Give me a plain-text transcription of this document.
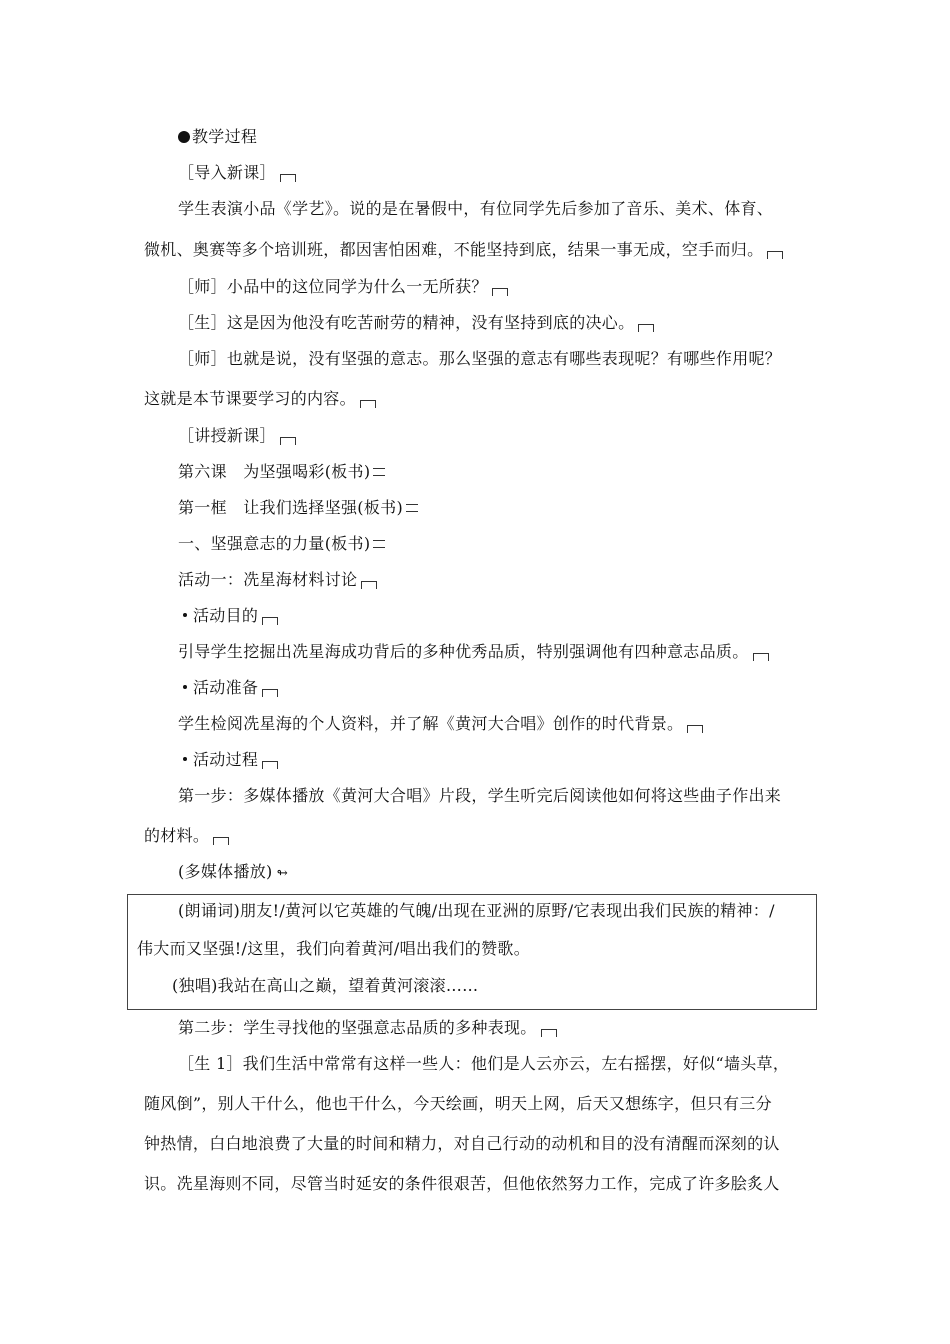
教学过程
［导入新课］
学生表演小品《学艺》。说的是在暑假中，有位同学先后参加了音乐、美术、体育、
微机、奥赛等多个培训班，都因害怕困难，不能坚持到底，结果一事无成，空手而归。
［师］小品中的这位同学为什么一无所获？
［生］这是因为他没有吃苦耐劳的精神，没有坚持到底的决心。
［师］也就是说，没有坚强的意志。那么坚强的意志有哪些表现呢？有哪些作用呢？
这就是本节课要学习的内容。
［讲授新课］
第六课　为坚强喝彩(板书)
第一框　让我们选择坚强(板书)
一、坚强意志的力量(板书)
活动一：冼星海材料讨论
活动目的
引导学生挖掘出冼星海成功背后的多种优秀品质，特别强调他有四种意志品质。
活动准备
学生检阅冼星海的个人资料，并了解《黄河大合唱》创作的时代背景。
活动过程
第一步：多媒体播放《黄河大合唱》片段，学生听完后阅读他如何将这些曲子作出来
的材料。
(多媒体播放) ↬
(朗诵词)朋友!/黄河以它英雄的气魄/出现在亚洲的原野/它表现出我们民族的精神：/
伟大而又坚强!/这里，我们向着黄河/唱出我们的赞歌。
(独唱)我站在高山之巅，望着黄河滚滚……
第二步：学生寻找他的坚强意志品质的多种表现。
［生 1］我们生活中常常有这样一些人：他们是人云亦云，左右摇摆，好似“墙头草，
随风倒”，别人干什么，他也干什么，今天绘画，明天上网，后天又想练字，但只有三分
钟热情，白白地浪费了大量的时间和精力，对自己行动的动机和目的没有清醒而深刻的认
识。冼星海则不同，尽管当时延安的条件很艰苦，但他依然努力工作，完成了许多脍炙人
